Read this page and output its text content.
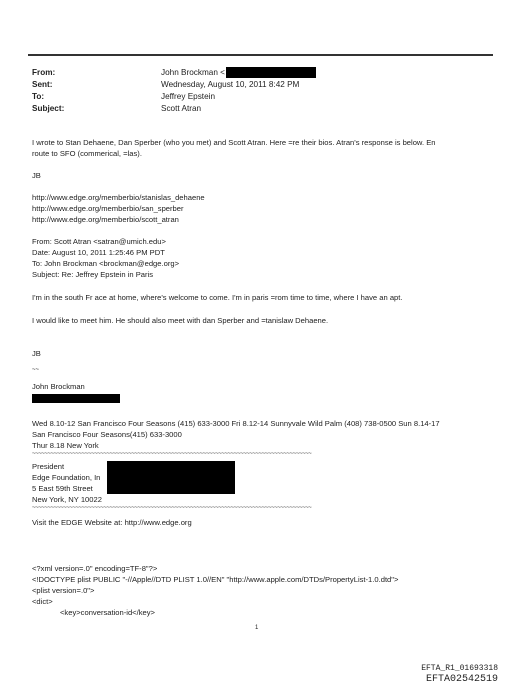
From:	John Brockman <
Sent:	Wednesday, August 10, 2011 8:42 PM
To:	Jeffrey Epstein
Subject:	Scott Atran
I wrote to Stan Dehaene, Dan Sperber (who you met) and Scott Atran. Here =re their bios. Atran's response is below. En
route to SFO (commerical, =las).
JB
http://www.edge.org/memberbio/stanislas_dehaene
http://www.edge.org/memberbio/san_sperber
http://www.edge.org/memberbio/scott_atran
From: Scott Atran <satran@umich.edu>
Date: August 10, 2011 1:25:46 PM PDT
To: John Brockman <brockman@edge.org>
Subject: Re: Jeffrey Epstein in Paris
I'm in the south Fr ace at home, where's welcome to come. I'm in paris =rom time to time, where I have an apt.
I would like to meet him. He should also meet with dan Sperber and =tanislaw Dehaene.
JB
~~
John Brockman
Wed 8.10-12 San Francisco Four Seasons (415) 633-3000 Fri 8.12-14 Sunnyvale Wild Palm (408) 738-0500 Sun 8.14-17
San Francisco Four Seasons(415) 633-3000
Thur 8.18 New York
~~~~~~~~~~~~~~~~~~~~~~~~~~~~~~~~~~~~~~~~~~~~~~~~~~~~~~~~~~~~~~~~~~~~~~~~~~~~~~~~~~~~~~~~~~
President
Edge Foundation, In
5 East 59th Street
New York, NY 10022
~~~~~~~~~~~~~~~~~~~~~~~~~~~~~~~~~~~~~~~~~~~~~~~~~~~~~~~~~~~~~~~~~~~~~~~~~~~~~~~~~~~~~~~~~~
Visit the EDGE Website at: http://www.edge.org
<?xml version=.0" encoding=TF-8"?>
<!DOCTYPE plist PUBLIC "-//Apple//DTD PLIST 1.0//EN" "http://www.apple.com/DTDs/PropertyList-1.0.dtd">
<plist version=.0">
<dict>
<key>conversation-id</key>
1
EFTA_R1_01693318
EFTA02542519
